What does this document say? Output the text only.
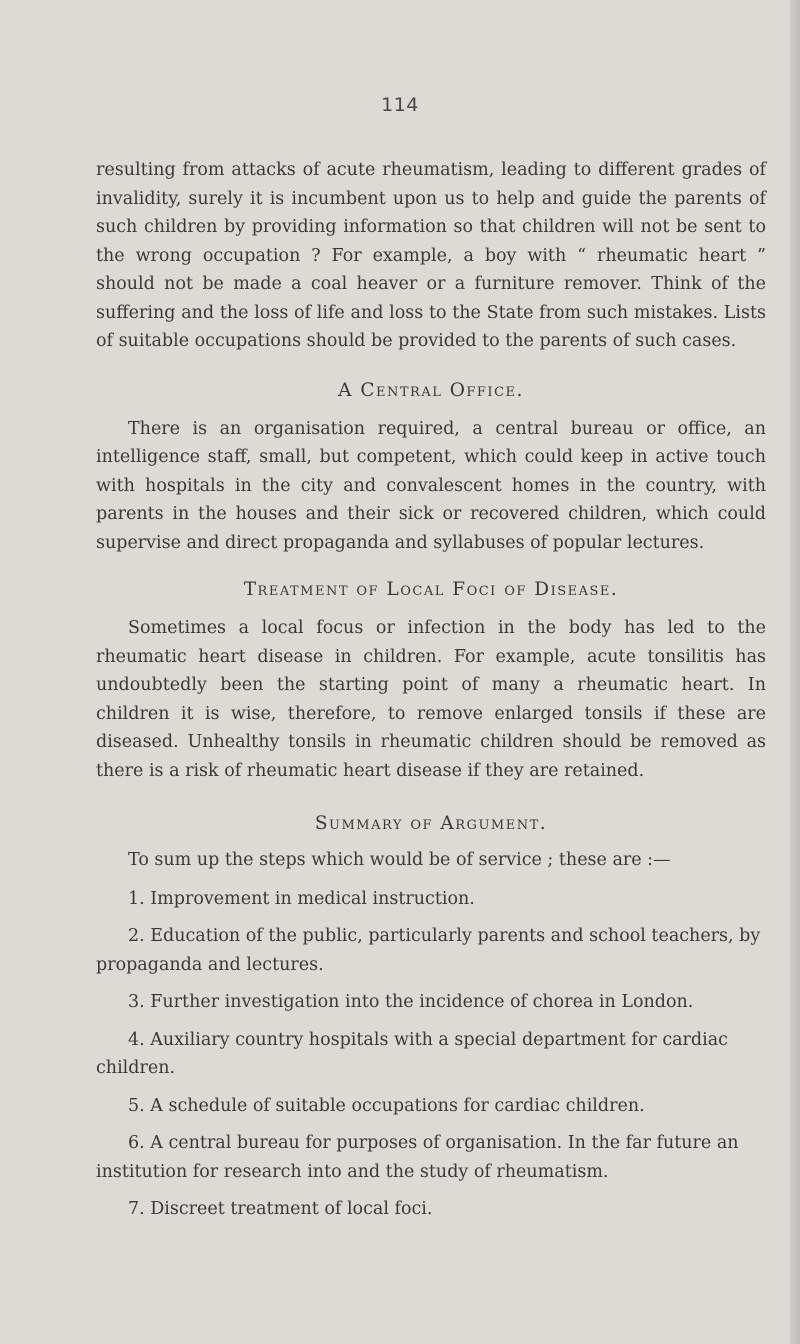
114

resulting from attacks of acute rheumatism, leading to different grades of invalidity, surely it is incumbent upon us to help and guide the parents of such children by providing information so that children will not be sent to the wrong occupation ? For example, a boy with “ rheumatic heart ” should not be made a coal heaver or a furniture remover. Think of the suffering and the loss of life and loss to the State from such mistakes. Lists of suitable occupations should be provided to the parents of such cases.

A Central Office.

There is an organisation required, a central bureau or office, an intelligence staff, small, but competent, which could keep in active touch with hospitals in the city and convalescent homes in the country, with parents in the houses and their sick or recovered children, which could supervise and direct propaganda and syllabuses of popular lectures.

Treatment of Local Foci of Disease.

Sometimes a local focus or infection in the body has led to the rheumatic heart disease in children. For example, acute tonsilitis has undoubtedly been the starting point of many a rheumatic heart. In children it is wise, therefore, to remove enlarged tonsils if these are diseased. Unhealthy tonsils in rheumatic children should be removed as there is a risk of rheumatic heart disease if they are retained.

Summary of Argument.

To sum up the steps which would be of service ; these are :—

1. Improvement in medical instruction.

2. Education of the public, particularly parents and school teachers, by propaganda and lectures.

3. Further investigation into the incidence of chorea in London.

4. Auxiliary country hospitals with a special department for cardiac children.

5. A schedule of suitable occupations for cardiac children.

6. A central bureau for purposes of organisation. In the far future an institution for research into and the study of rheumatism.

7. Discreet treatment of local foci.
